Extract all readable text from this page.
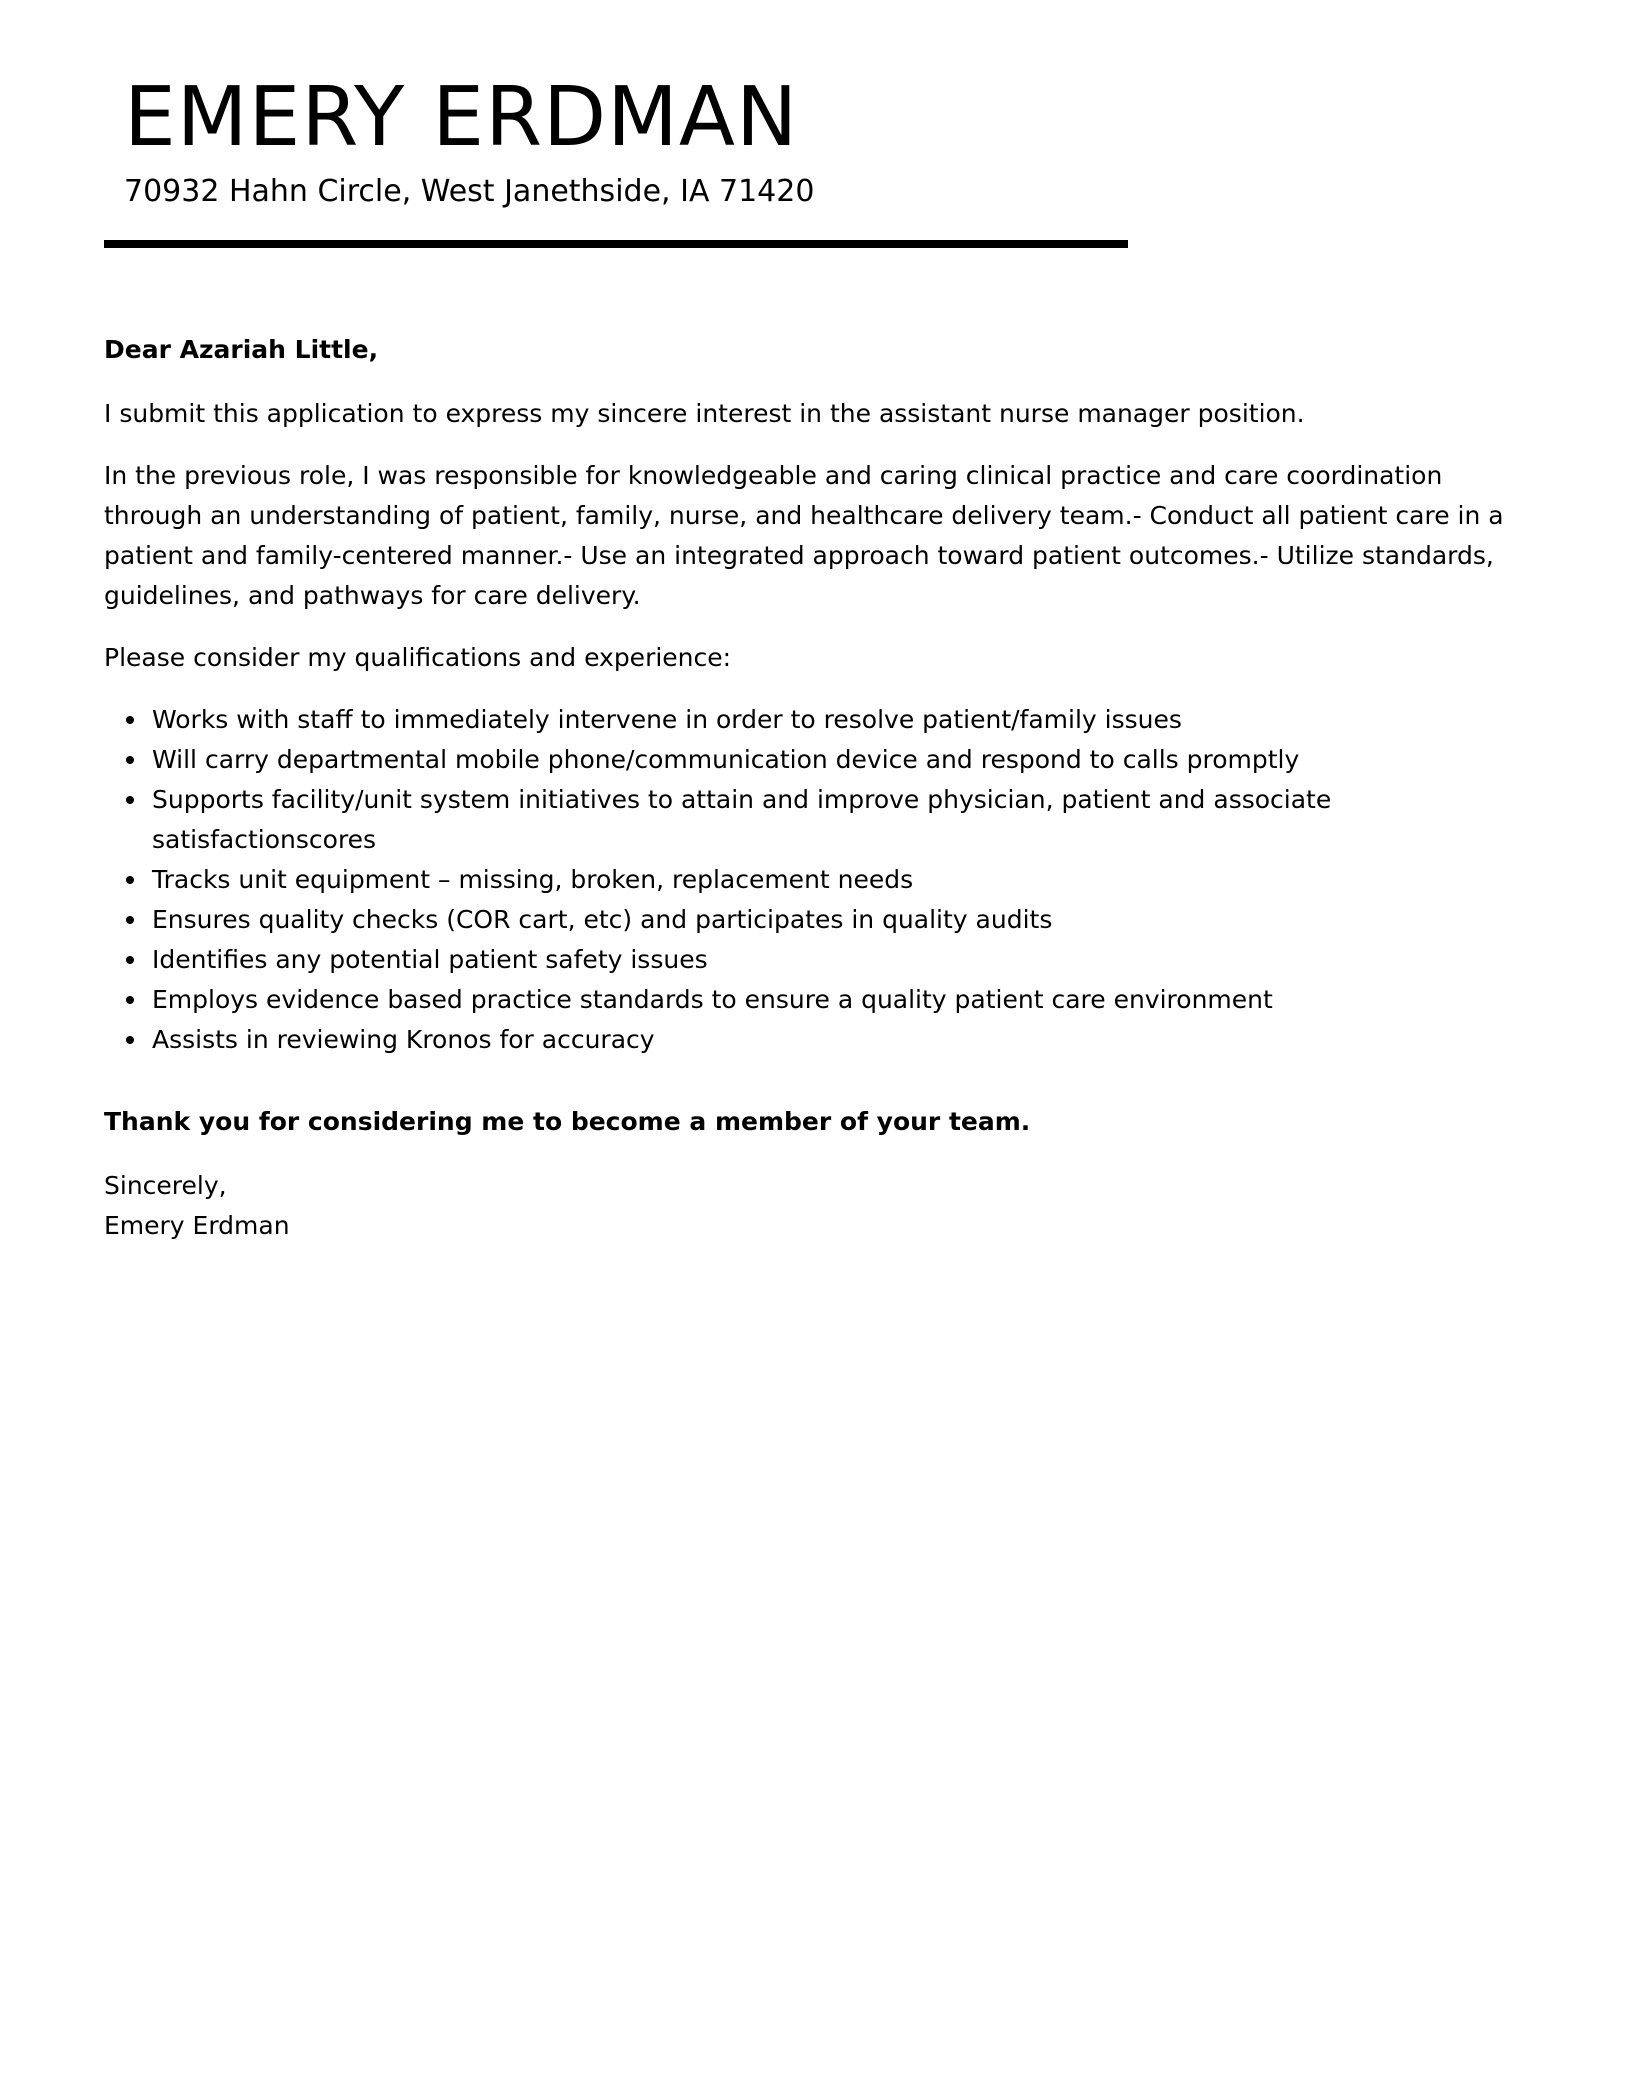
EMERY ERDMAN

70932 Hahn Circle, West Janethside, IA 71420

Dear Azariah Little,

I submit this application to express my sincere interest in the assistant nurse manager position.

In the previous role, I was responsible for knowledgeable and caring clinical practice and care coordination through an understanding of patient, family, nurse, and healthcare delivery team.- Conduct all patient care in a patient and family-centered manner.- Use an integrated approach toward patient outcomes.- Utilize standards, guidelines, and pathways for care delivery.

Please consider my qualifications and experience:

Works with staff to immediately intervene in order to resolve patient/family issues
Will carry departmental mobile phone/communication device and respond to calls promptly
Supports facility/unit system initiatives to attain and improve physician, patient and associate satisfactionscores
Tracks unit equipment – missing, broken, replacement needs
Ensures quality checks (COR cart, etc) and participates in quality audits
Identifies any potential patient safety issues
Employs evidence based practice standards to ensure a quality patient care environment
Assists in reviewing Kronos for accuracy

Thank you for considering me to become a member of your team.

Sincerely,

Emery Erdman
